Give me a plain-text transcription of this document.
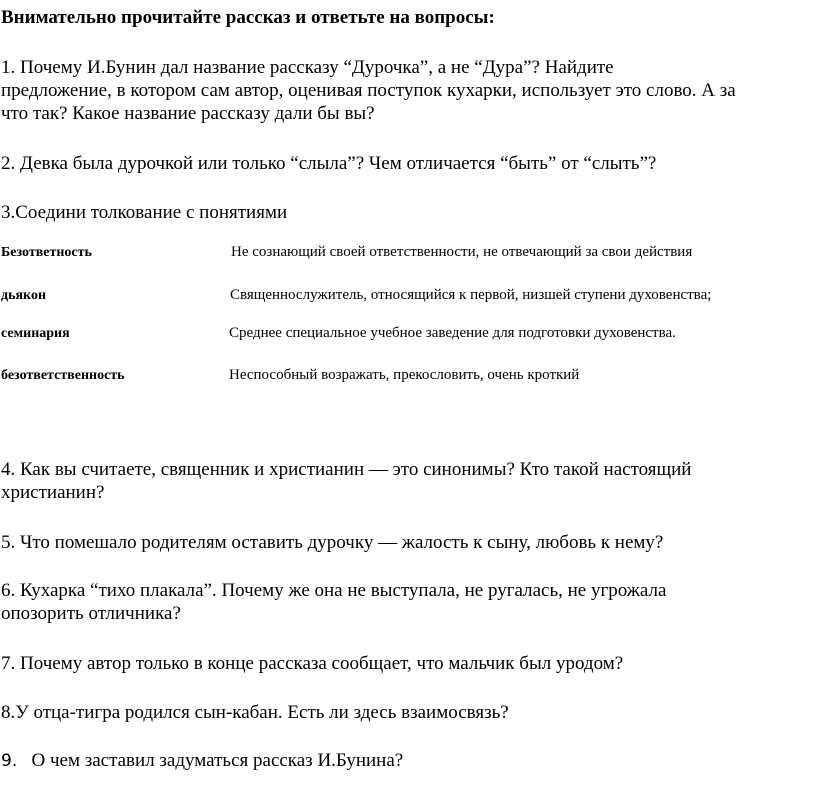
Внимательно прочитайте рассказ и ответьте на вопросы:
1. Почему И.Бунин дал название рассказу “Дурочка”, а не “Дура”? Найдите
предложение, в котором сам автор, оценивая поступок кухарки, использует это слово. А за
что так? Какое название рассказу дали бы вы?
2. Девка была дурочкой или только “слыла”? Чем отличается “быть” от “слыть”?
3.Соедини толкование с понятиями
Безответность	Не сознающий своей ответственности, не отвечающий за свои действия
дьякон	Священнослужитель, относящийся к первой, низшей ступени духовенства;
семинария	Среднее специальное учебное заведение для подготовки духовенства.
безответственность	Неспособный возражать, прекословить, очень кроткий
4. Как вы считаете, священник и христианин — это синонимы? Кто такой настоящий
христианин?
5. Что помешало родителям оставить дурочку — жалость к сыну, любовь к нему?
6. Кухарка “тихо плакала”. Почему же она не выступала, не ругалась, не угрожала
опозорить отличника?
7. Почему автор только в конце рассказа сообщает, что мальчик был уродом?
8.У отца-тигра родился сын-кабан. Есть ли здесь взаимосвязь?
9. О чем заставил задуматься рассказ И.Бунина?
